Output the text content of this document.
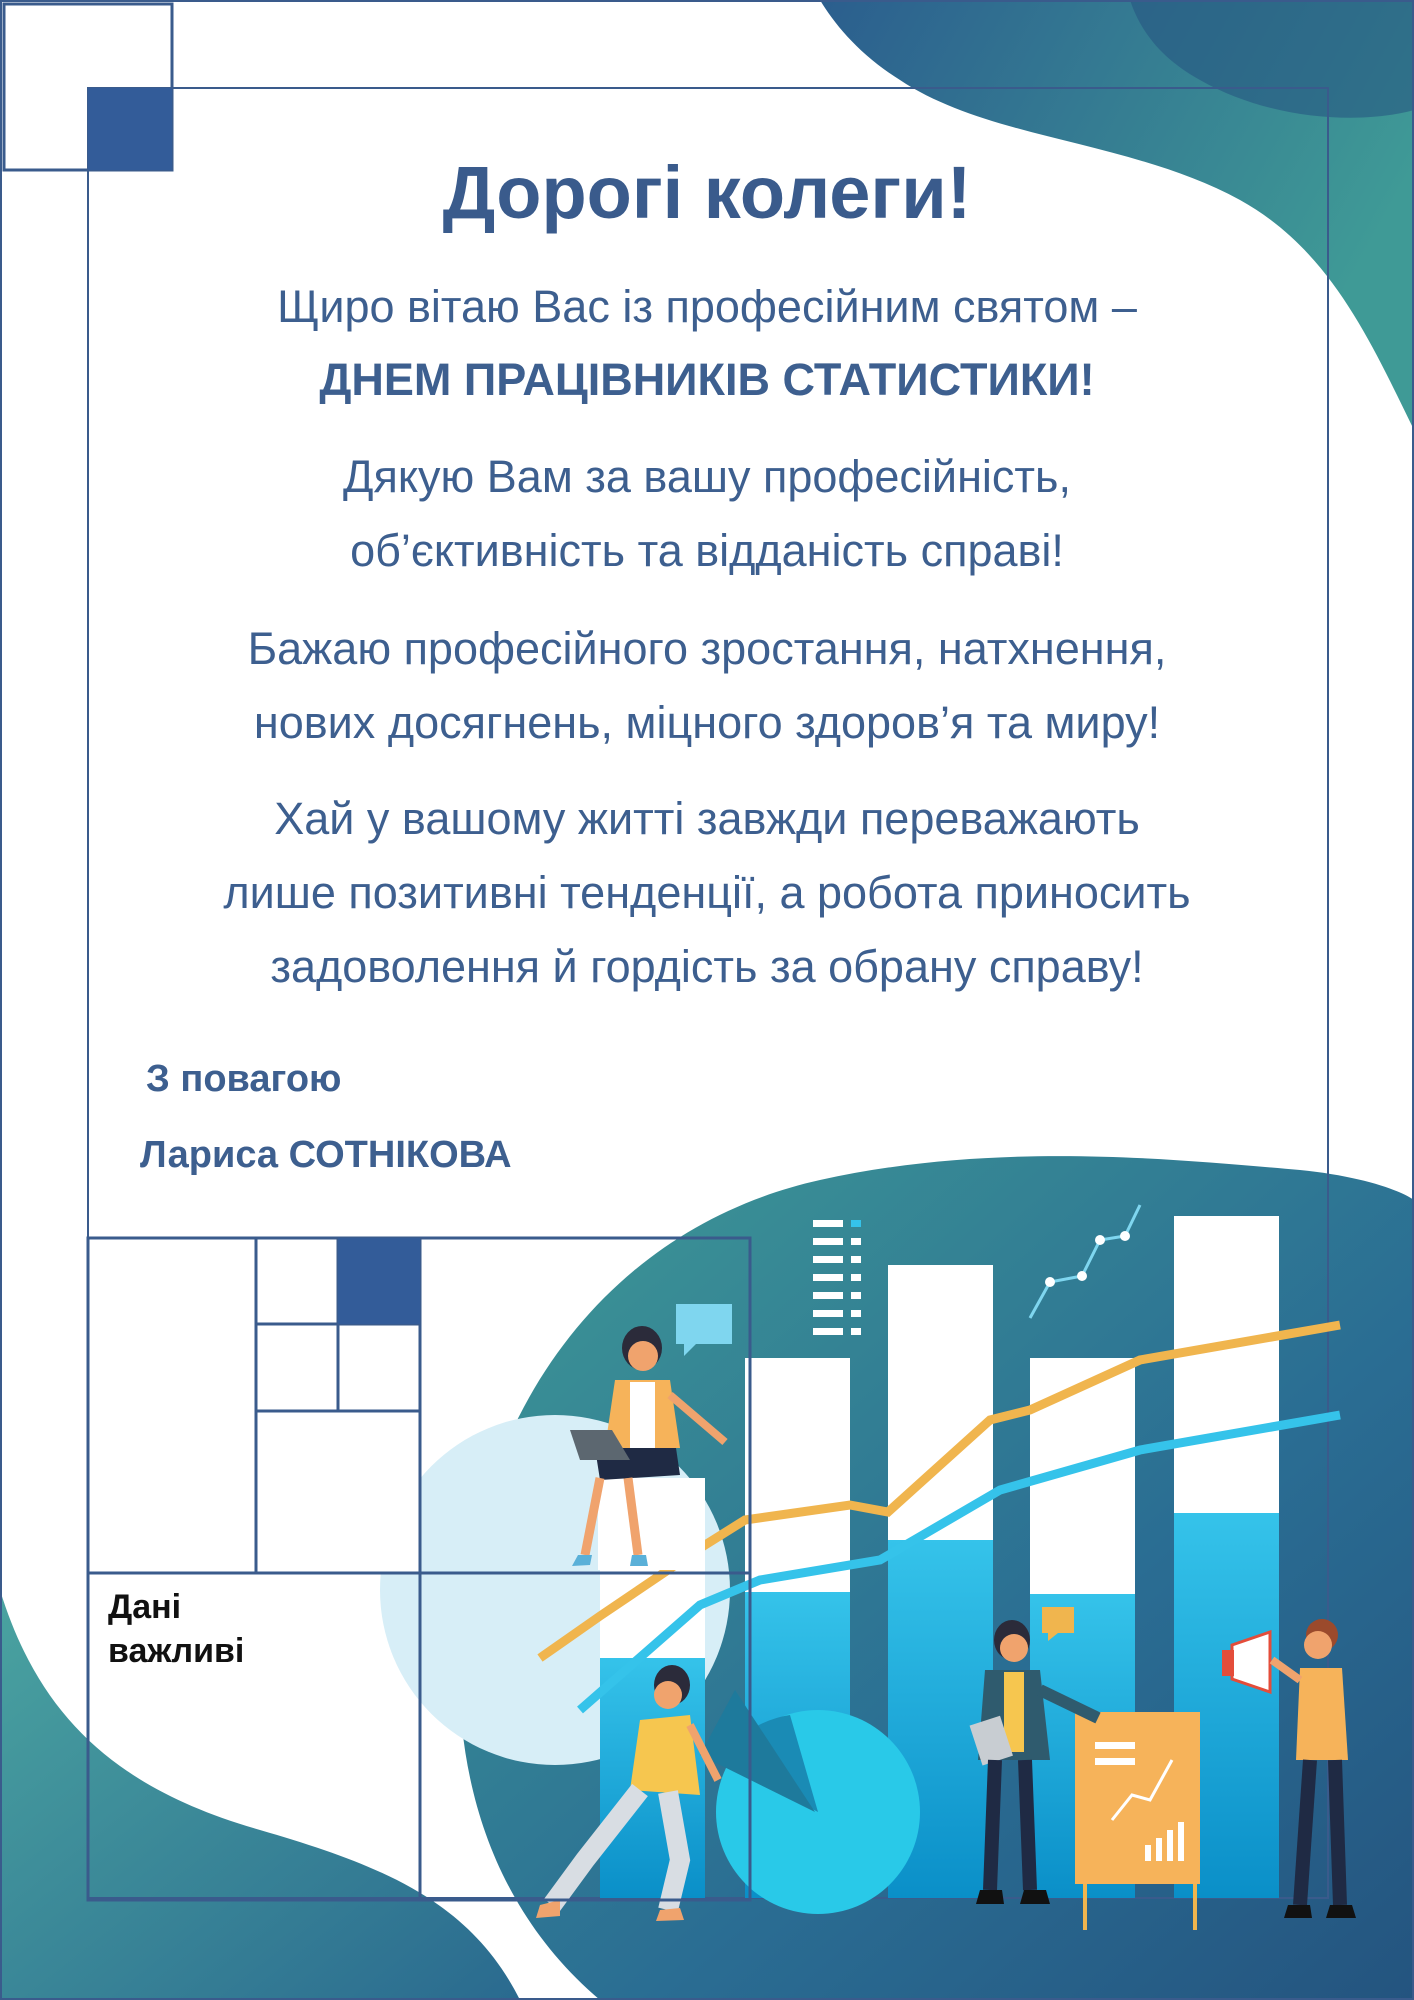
Дорогі колеги!
Щиро вітаю Вас із професійним святом –
ДНЕМ ПРАЦІВНИКІВ СТАТИСТИКИ!
Дякую Вам за вашу професійність,
об’єктивність та відданість справі!
Бажаю професійного зростання, натхнення,
нових досягнень, міцного здоров’я та миру!
Хай у вашому житті завжди переважають
лише позитивні тенденції, а робота приносить
задоволення й гордість за обрану справу!
З повагою
Лариса СОТНІКОВА
Дані
важливі
